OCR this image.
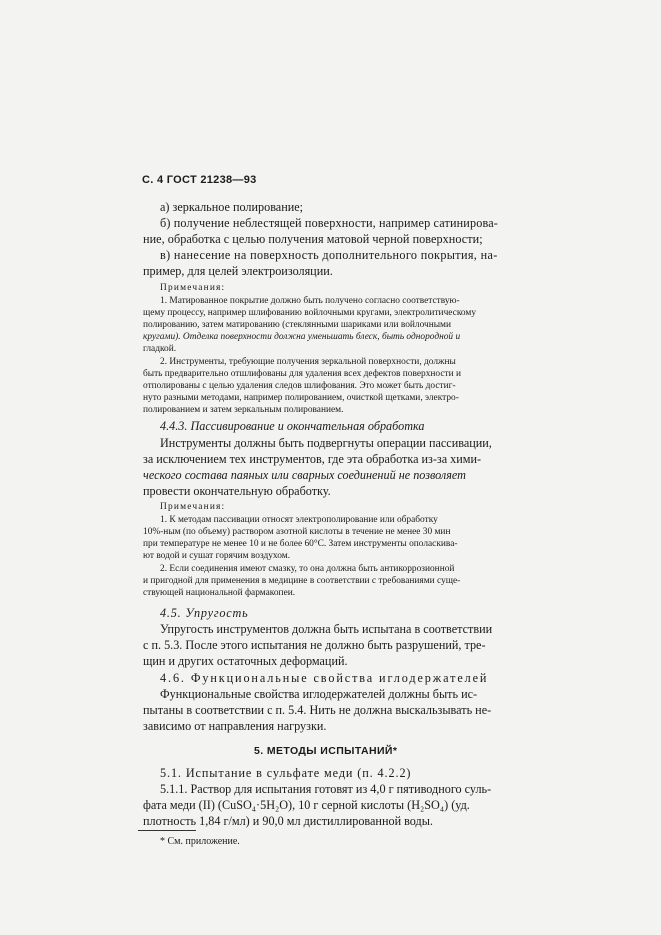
С. 4 ГОСТ 21238—93
а) зеркальное полирование;
б) получение неблестящей поверхности, например сатинирова-
ние, обработка с целью получения матовой черной поверхности;
в) нанесение на поверхность дополнительного покрытия, на-
пример, для целей электроизоляции.
Примечания:
1. Матированное покрытие должно быть получено согласно соответствую-
щему процессу, например шлифованию войлочными кругами, электролитическому
полированию, затем матированию (стеклянными шариками или войлочными
кругами). Отделка поверхности должна уменьшать блеск, быть однородной и
гладкой.
2. Инструменты, требующие получения зеркальной поверхности, должны
быть предварительно отшлифованы для удаления всех дефектов поверхности и
отполированы с целью удаления следов шлифования. Это может быть достиг-
нуто разными методами, например полированием, очисткой щетками, электро-
полированием и затем зеркальным полированием.
4.4.3. Пассивирование и окончательная обработка
Инструменты должны быть подвергнуты операции пассивации,
за исключением тех инструментов, где эта обработка из-за хими-
ческого состава паяных или сварных соединений не позволяет
провести окончательную обработку.
Примечания:
1. К методам пассивации относят электрополирование или обработку
10%-ным (по объему) раствором азотной кислоты в течение не менее 30 мин
при температуре не менее 10 и не более 60°С. Затем инструменты ополаскива-
ют водой и сушат горячим воздухом.
2. Если соединения имеют смазку, то она должна быть антикоррозионной
и пригодной для применения в медицине в соответствии с требованиями суще-
ствующей национальной фармакопеи.
4.5. Упругость
Упругость инструментов должна быть испытана в соответствии
с п. 5.3. После этого испытания не должно быть разрушений, тре-
щин и других остаточных деформаций.
4.6. Функциональные свойства иглодержателей
Функциональные свойства иглодержателей должны быть ис-
пытаны в соответствии с п. 5.4. Нить не должна выскальзывать не-
зависимо от направления нагрузки.
5. МЕТОДЫ ИСПЫТАНИЙ*
5.1. Испытание в сульфате меди (п. 4.2.2)
5.1.1. Раствор для испытания готовят из 4,0 г пятиводного суль-
фата меди (II) (CuSO₄·5H₂O), 10 г серной кислоты (H₂SO₄) (уд.
плотность 1,84 г/мл) и 90,0 мл дистиллированной воды.
* См. приложение.
